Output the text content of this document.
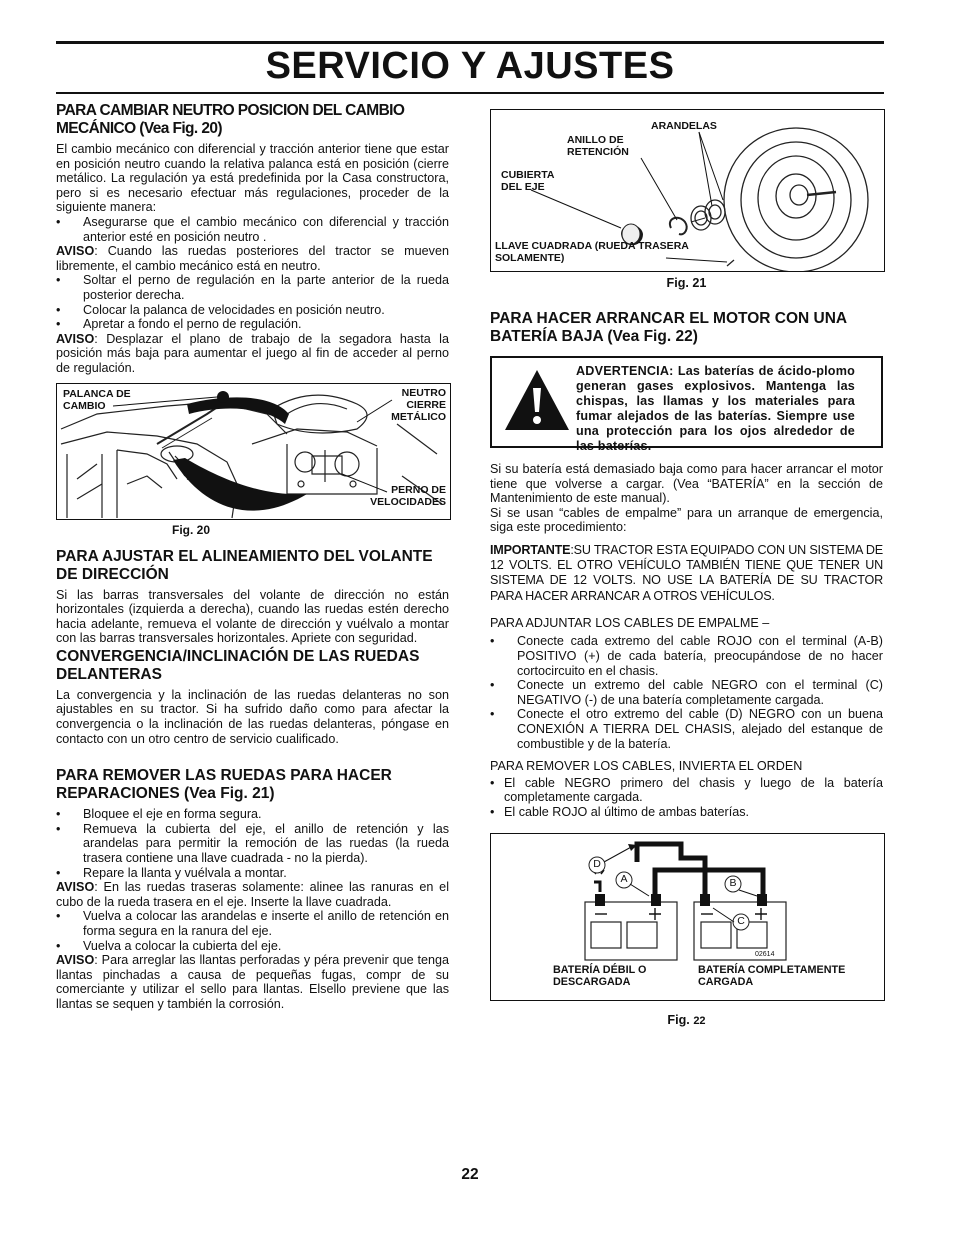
SERVICIO Y AJUSTES
PARA CAMBIAR NEUTRO POSICION DEL CAMBIO MECÁNICO (Vea Fig. 20)

El cambio mecánico con diferencial y tracción anterior tiene que estar en posición neutro cuando la relativa palanca está en posición (cierre metálico. La regulación ya está predefinida por la Casa constructora, pero si es necesario efectuar más regulaciones, proceder de la siguiente manera:

• Asegurarse que el cambio mecánico con diferencial y tracción anterior esté en posición neutro .

AVISO: Cuando las ruedas posteriores del tractor se mueven libremente, el cambio mecánico está en neutro.

• Soltar el perno de regulación en la parte anterior de la rueda posterior derecha.
• Colocar la palanca de velocidades en posición neutro.
• Apretar a fondo el perno de regulación.

AVISO: Desplazar el plano de trabajo de la segadora hasta la posición más baja para aumentar el juego al fin de acceder al perno de regulación.

PALANCA DE CAMBIO
NEUTRO CIERRE METÁLICO
PERNO DE VELOCIDADES
Fig. 20
PARA AJUSTAR EL ALINEAMIENTO DEL VOLANTE DE DIRECCIÓN

Si las barras transversales del volante de dirección no están horizontales (izquierda a derecha), cuando las ruedas estén derecho hacia adelante, remueva el volante de dirección y vuélvalo a montar con las barras transversales horizontales. Apriete con seguridad.

CONVERGENCIA/INCLINACIÓN DE LAS RUEDAS DELANTERAS

La convergencia y la inclinación de las ruedas delanteras no son ajustables en su tractor. Si ha sufrido daño como para afectar la convergencia o la inclinación de las ruedas delanteras, póngase en contacto con un otro centro de servicio cualificado.

PARA REMOVER LAS RUEDAS PARA HACER REPARACIONES (Vea Fig. 21)
• Bloquee el eje en forma segura.
• Remueva la cubierta del eje, el anillo de retención y las arandelas para permitir la remoción de las ruedas (la rueda trasera contiene una llave cuadrada - no la pierda).
• Repare la llanta y vuélvala a montar.

AVISO: En las ruedas traseras solamente: alinee las ranuras en el cubo de la rueda trasera en el eje. Inserte la llave cuadrada.

• Vuelva a colocar las arandelas e inserte el anillo de retención en forma segura en la ranura del eje.
• Vuelva a colocar la cubierta del eje.

AVISO: Para arreglar las llantas perforadas y péra prevenir que tenga llantas pinchadas a causa de pequeñas fugas, compr de su comerciante y utilizar el sello para llantas. Elsello previene que las llantas se sequen y también la corrosión.

ARANDELAS
ANILLO DE RETENCIÓN
CUBIERTA DEL EJE
LLAVE CUADRADA (RUEDA TRASERA SOLAMENTE)
Fig. 21
PARA HACER ARRANCAR EL MOTOR CON UNA BATERÍA BAJA (Vea Fig. 22)
ADVERTENCIA: Las baterías de ácido-plomo generan gases explosivos. Mantenga las chispas, las llamas y los materiales para fumar alejados de las baterías. Siempre use una protección para los ojos alrededor de las baterías.

Si su batería está demasiado baja como para hacer arrancar el motor tiene que volverse a cargar. (Vea “BATERÍA” en la sección de Mantenimiento de este manual).

Si se usan “cables de empalme” para un arranque de emergencia, siga este procedimiento:

IMPORTANTE:SU TRACTOR ESTA EQUIPADO CON UN SISTEMA DE 12 VOLTS. EL OTRO VEHÍCULO TAMBIÉN TIENE QUE TENER UN SISTEMA DE 12 VOLTS. NO USE LA BATERÍA DE SU TRACTOR PARA HACER ARRANCAR A OTROS VEHÍCULOS.

PARA ADJUNTAR LOS CABLES DE EMPALME –

• Conecte cada extremo del cable ROJO con el terminal (A-B) POSITIVO (+) de cada batería, preocupándose de no hacer cortocircuito en el chasis.
• Conecte un extremo del cable NEGRO con el terminal (C) NEGATIVO (-) de una batería completamente cargada.
• Conecte el otro extremo del cable (D) NEGRO con un buena CONEXIÓN A TIERRA DEL CHASIS, alejado del estanque de combustible y de la batería.

PARA REMOVER LOS CABLES, INVIERTA EL ORDEN

• El cable NEGRO primero del chasis y luego de la batería completamente cargada.
• El cable ROJO al último de ambas baterías.
D
A	B
C
02614
BATERÍA DÉBIL O DESCARGADA
BATERÍA COMPLETAMENTE CARGADA
Fig. 22
22
